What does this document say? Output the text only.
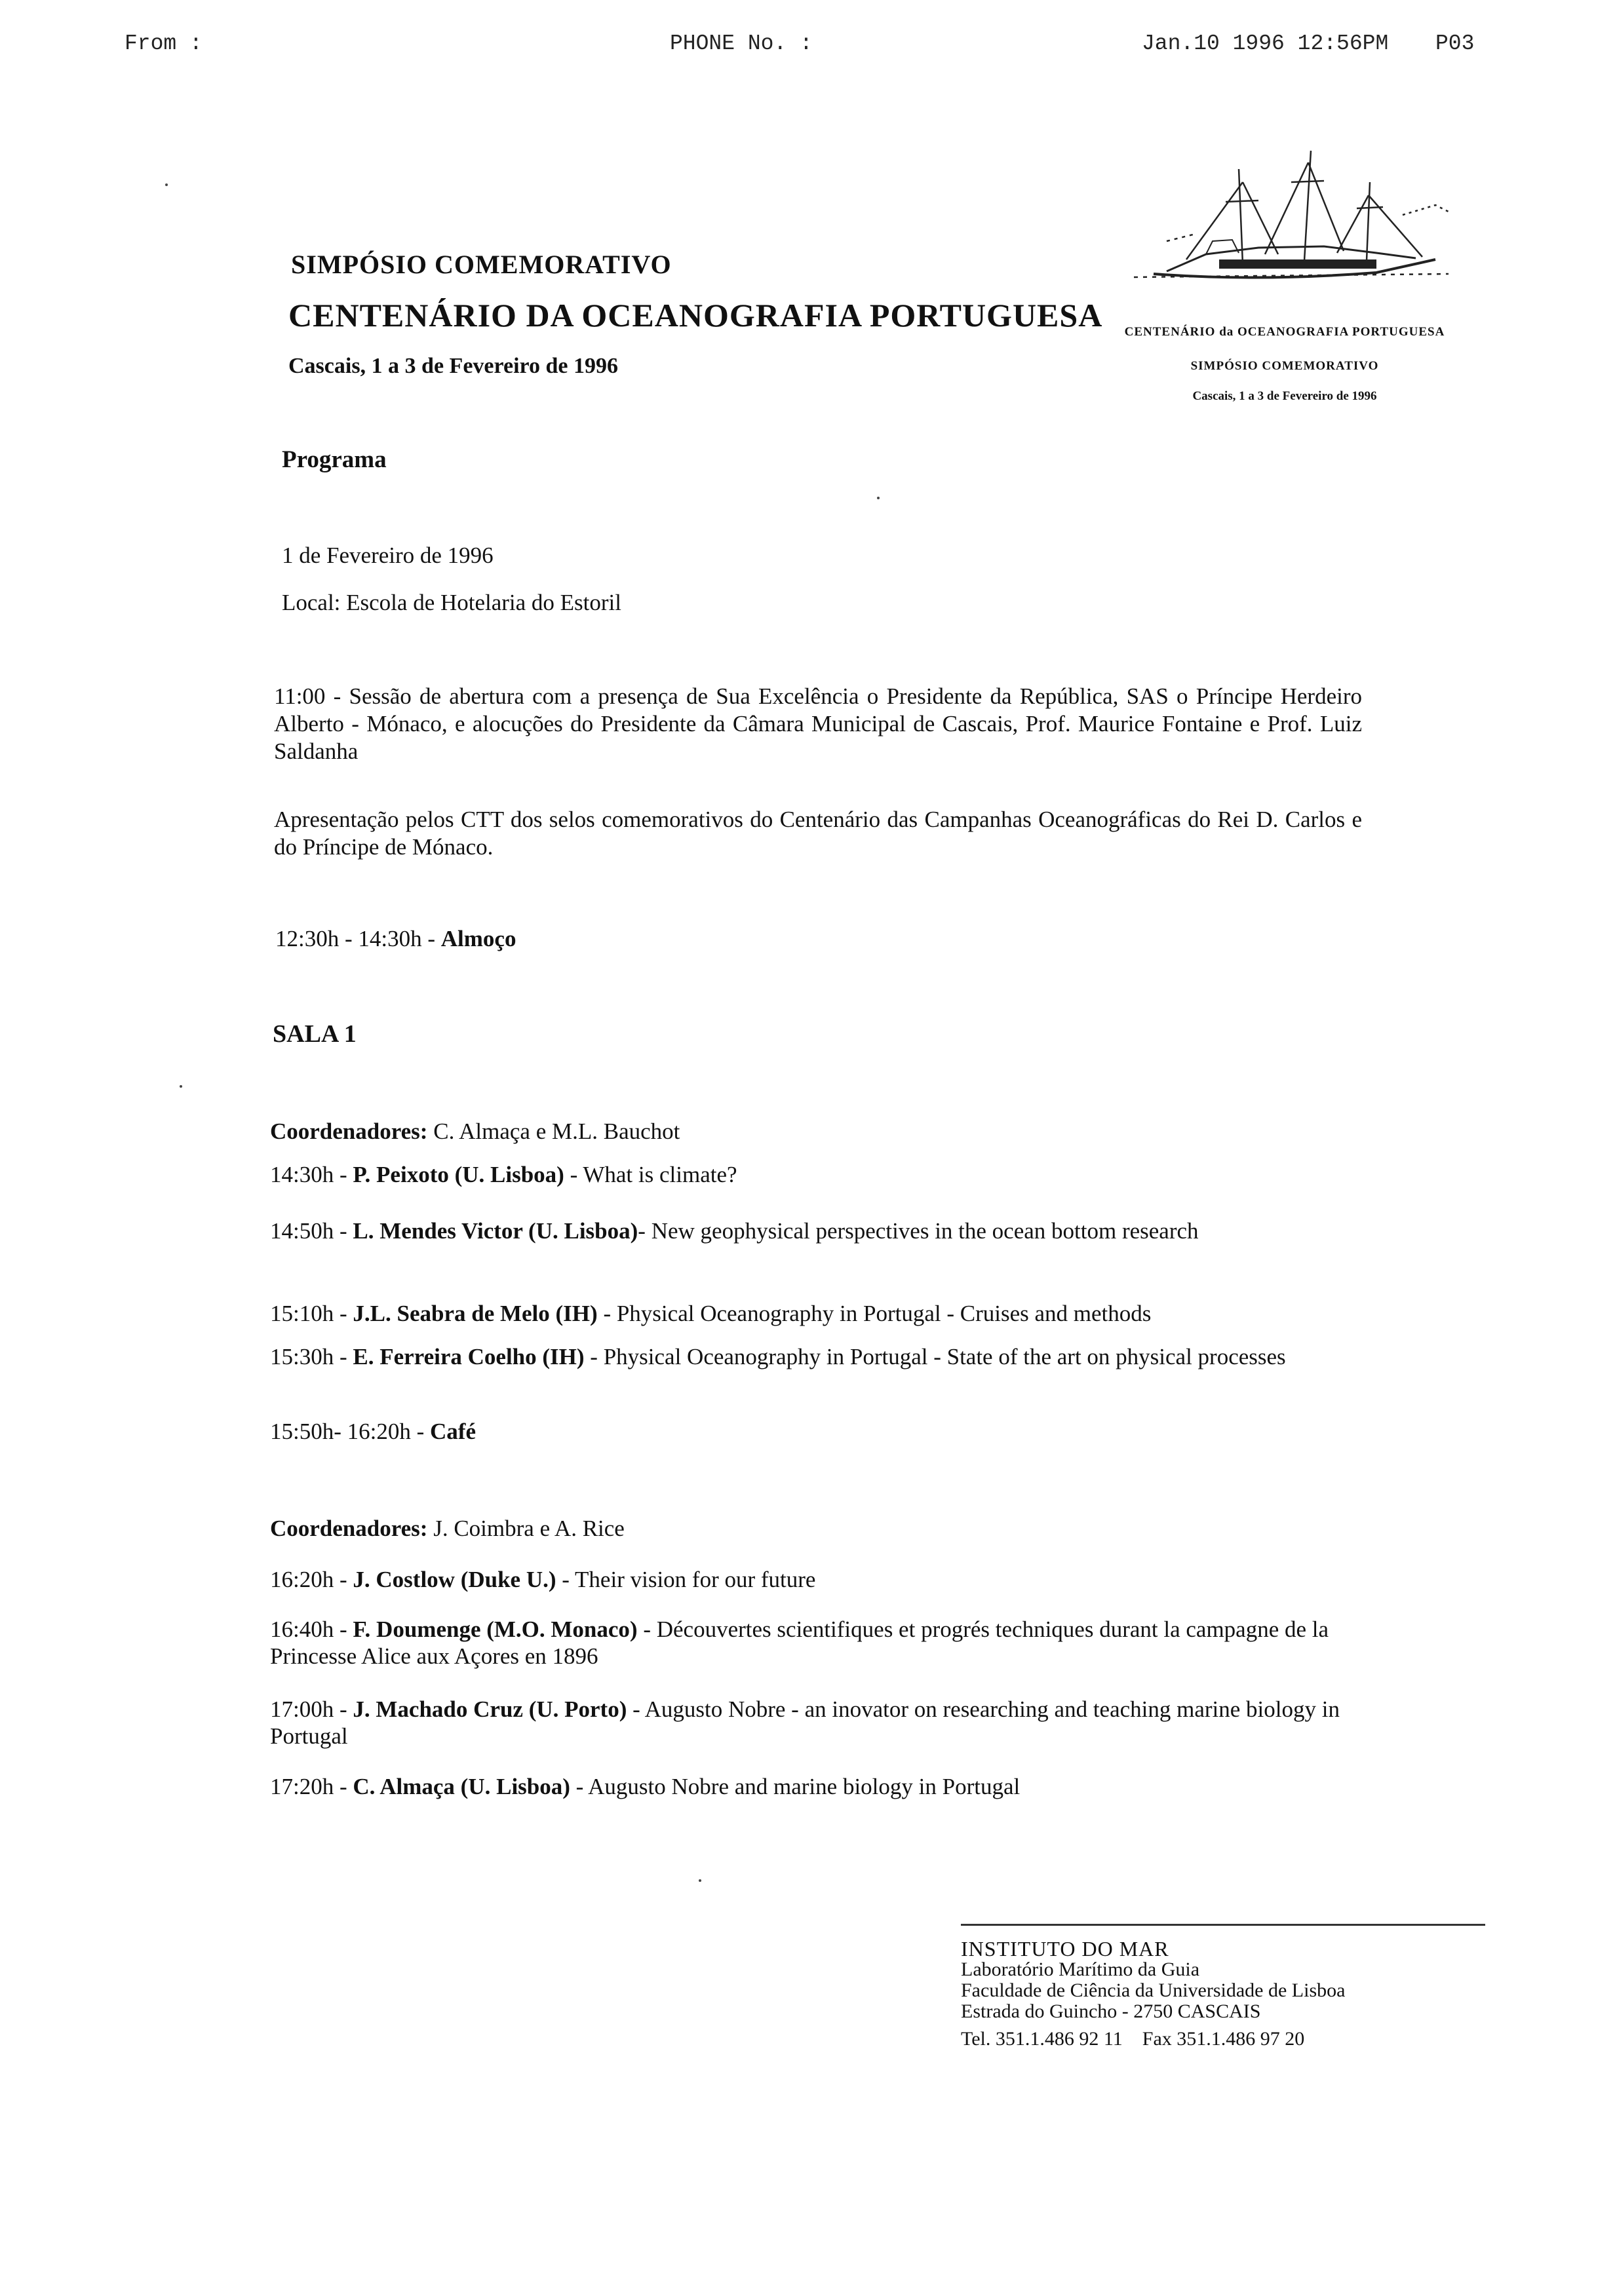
From :	PHONE No. :	Jan.10 1996 12:56PM P03
SIMPÓSIO COMEMORATIVO
CENTENÁRIO DA OCEANOGRAFIA PORTUGUESA
Cascais, 1 a 3 de Fevereiro de 1996
CENTENÁRIO da OCEANOGRAFIA PORTUGUESA
SIMPÓSIO COMEMORATIVO
Cascais, 1 a 3 de Fevereiro de 1996
Programa
1 de Fevereiro de 1996
Local: Escola de Hotelaria do Estoril
11:00 - Sessão de abertura com a presença de Sua Excelência o Presidente da República, SAS o Príncipe Herdeiro Alberto - Mónaco, e alocuções do Presidente da Câmara Municipal de Cascais, Prof. Maurice Fontaine e Prof. Luiz Saldanha
Apresentação pelos CTT dos selos comemorativos do Centenário das Campanhas Oceanográficas do Rei D. Carlos e do Príncipe de Mónaco.
12:30h - 14:30h - Almoço
SALA 1
Coordenadores: C. Almaça e M.L. Bauchot
14:30h - P. Peixoto (U. Lisboa) - What is climate?
14:50h - L. Mendes Victor (U. Lisboa)- New geophysical perspectives in the ocean bottom research
15:10h - J.L. Seabra de Melo (IH) - Physical Oceanography in Portugal - Cruises and methods
15:30h - E. Ferreira Coelho (IH) - Physical Oceanography in Portugal - State of the art on physical processes
15:50h- 16:20h - Café
Coordenadores: J. Coimbra e A. Rice
16:20h - J. Costlow (Duke U.) - Their vision for our future
16:40h - F. Doumenge (M.O. Monaco) - Découvertes scientifiques et progrés techniques durant la campagne de la Princesse Alice aux Açores en 1896
17:00h - J. Machado Cruz (U. Porto) - Augusto Nobre - an inovator on researching and teaching marine biology in Portugal
17:20h - C. Almaça (U. Lisboa) - Augusto Nobre and marine biology in Portugal
INSTITUTO DO MAR
Laboratório Marítimo da Guia
Faculdade de Ciência da Universidade de Lisboa
Estrada do Guincho - 2750 CASCAIS
Tel. 351.1.486 92 11    Fax 351.1.486 97 20
